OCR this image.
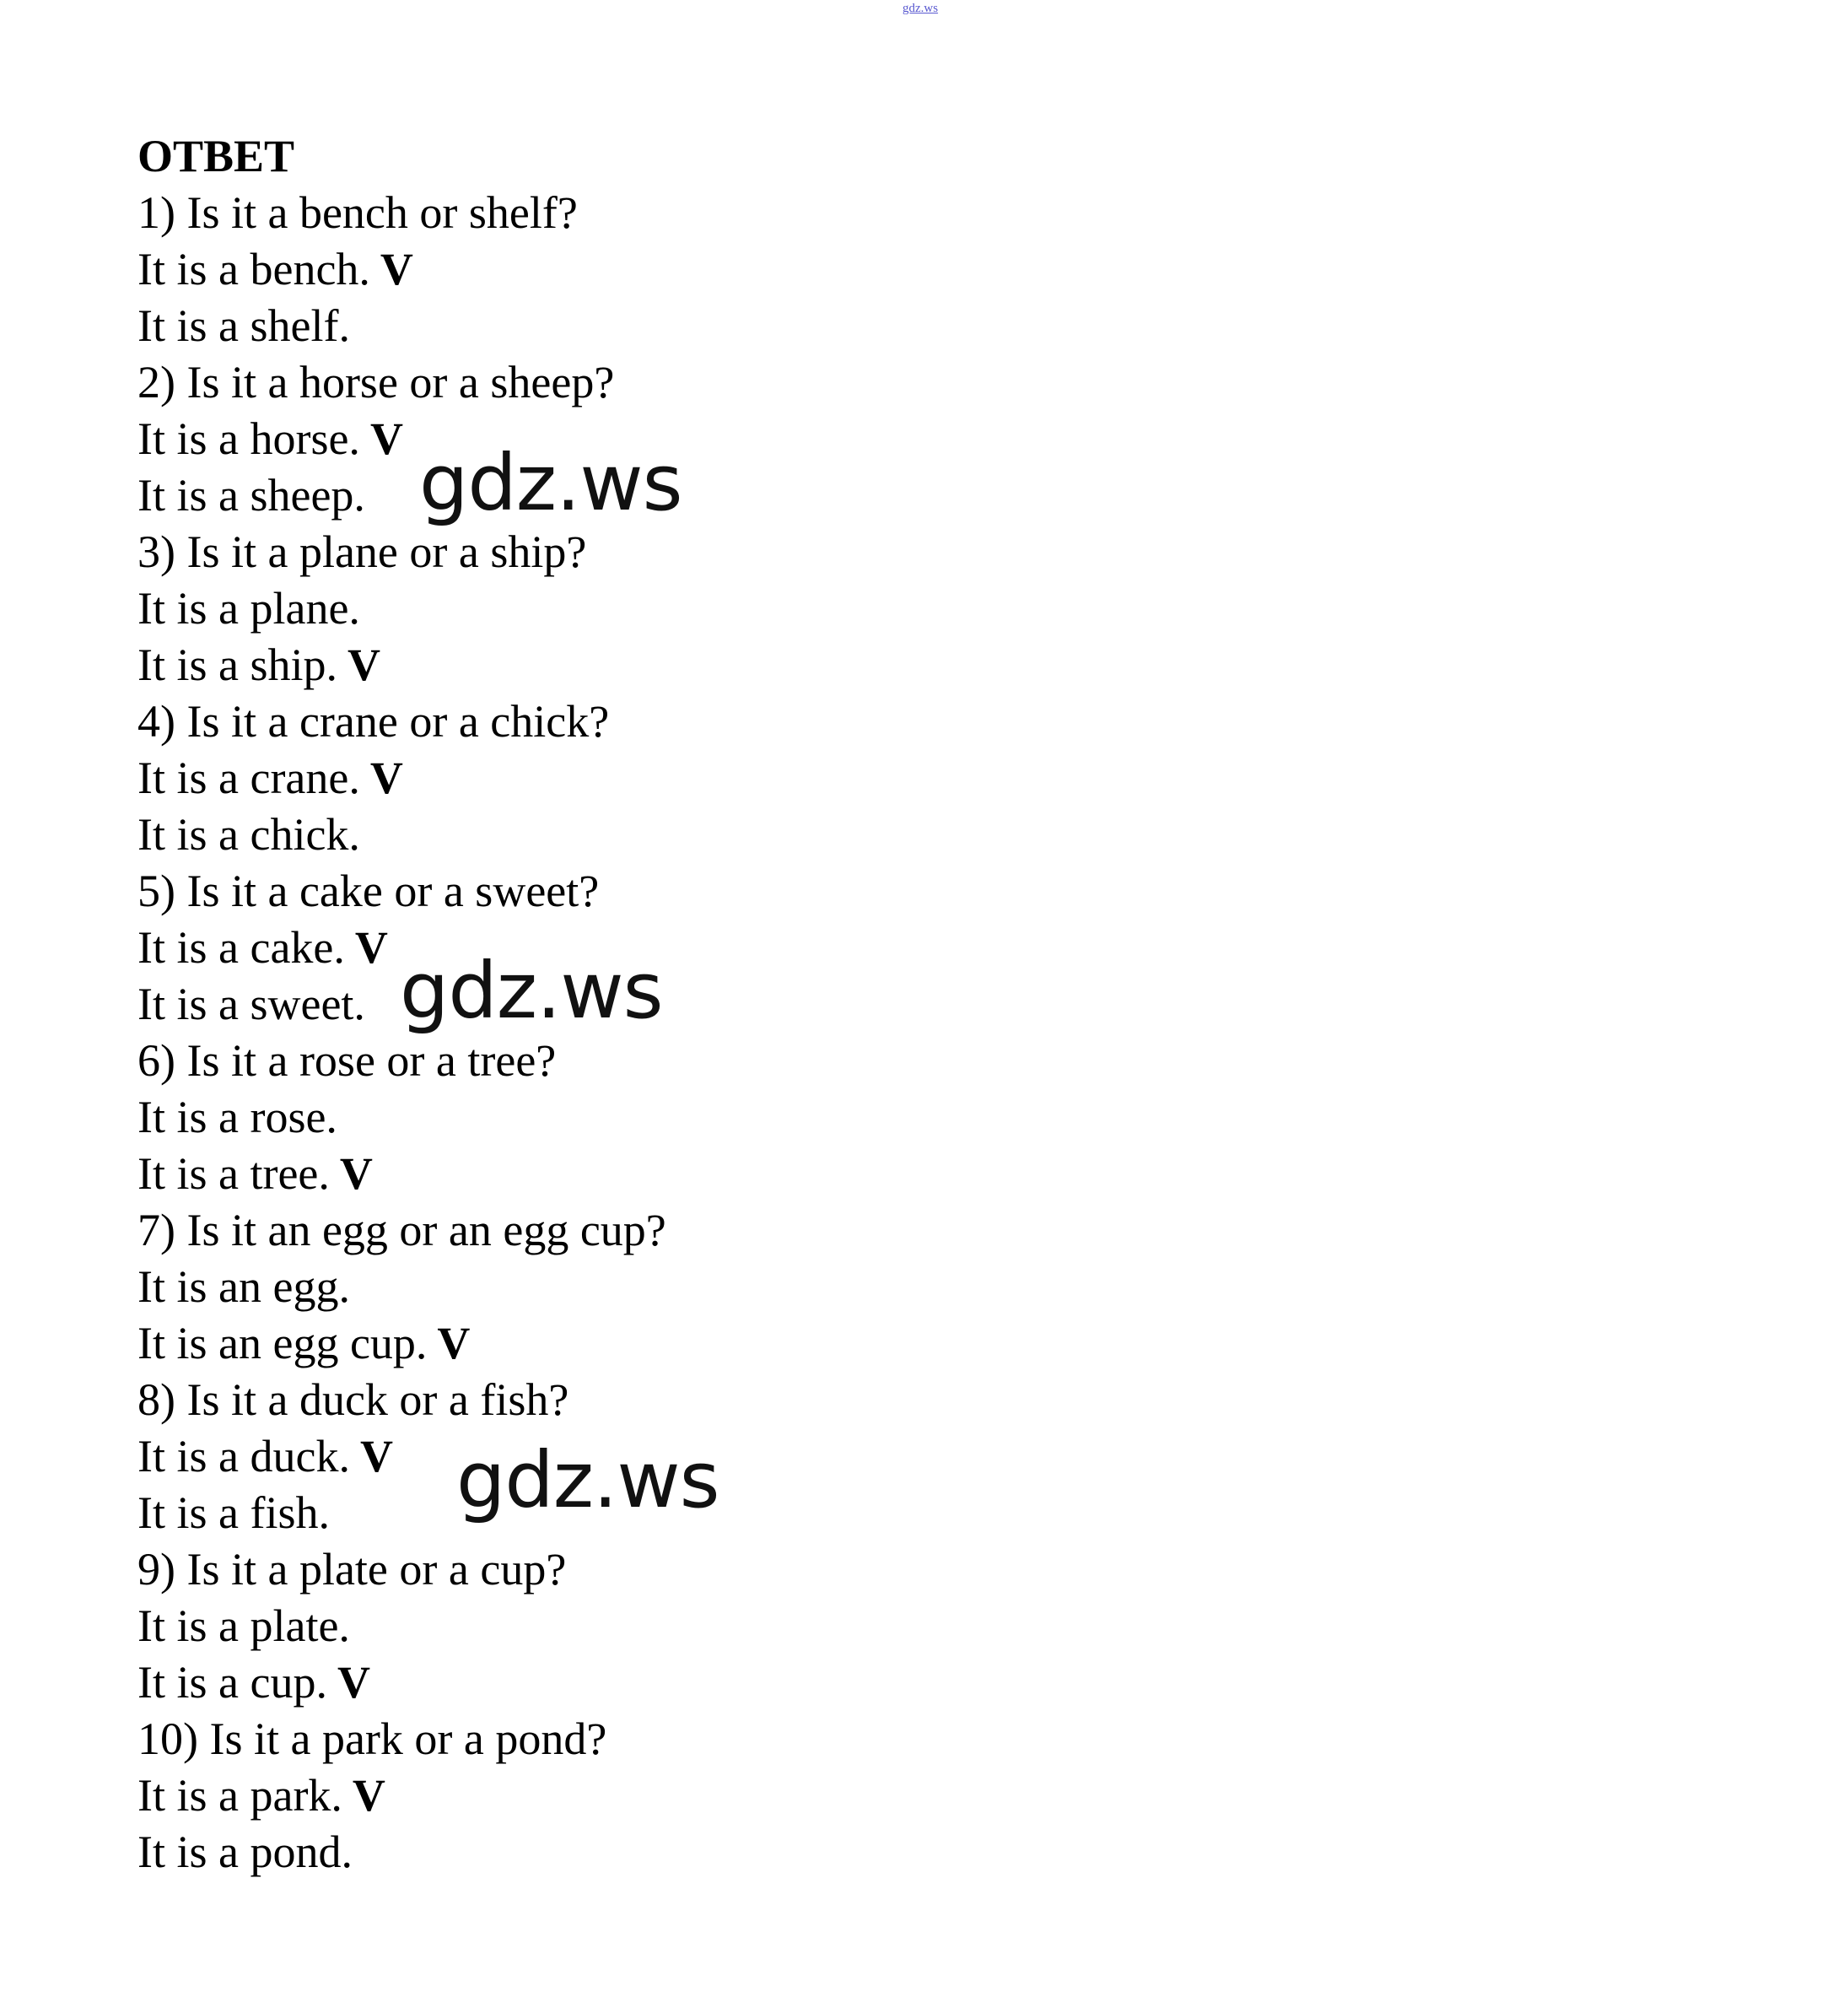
gdz.ws
ОТВЕТ
1) Is it a bench or shelf?
It is a bench. V
It is a shelf.
2) Is it a horse or a sheep?
It is a horse. V
It is a sheep.
3) Is it a plane or a ship?
It is a plane.
It is a ship. V
4) Is it a crane or a chick?
It is a crane. V
It is a chick.
5) Is it a cake or a sweet?
It is a cake. V
It is a sweet.
6) Is it a rose or a tree?
It is a rose.
It is a tree. V
7) Is it an egg or an egg cup?
It is an egg.
It is an egg cup. V
8) Is it a duck or a fish?
It is a duck. V
It is a fish.
9) Is it a plate or a cup?
It is a plate.
It is a cup. V
10) Is it a park or a pond?
It is a park. V
It is a pond.
gdz.ws
gdz.ws
gdz.ws
